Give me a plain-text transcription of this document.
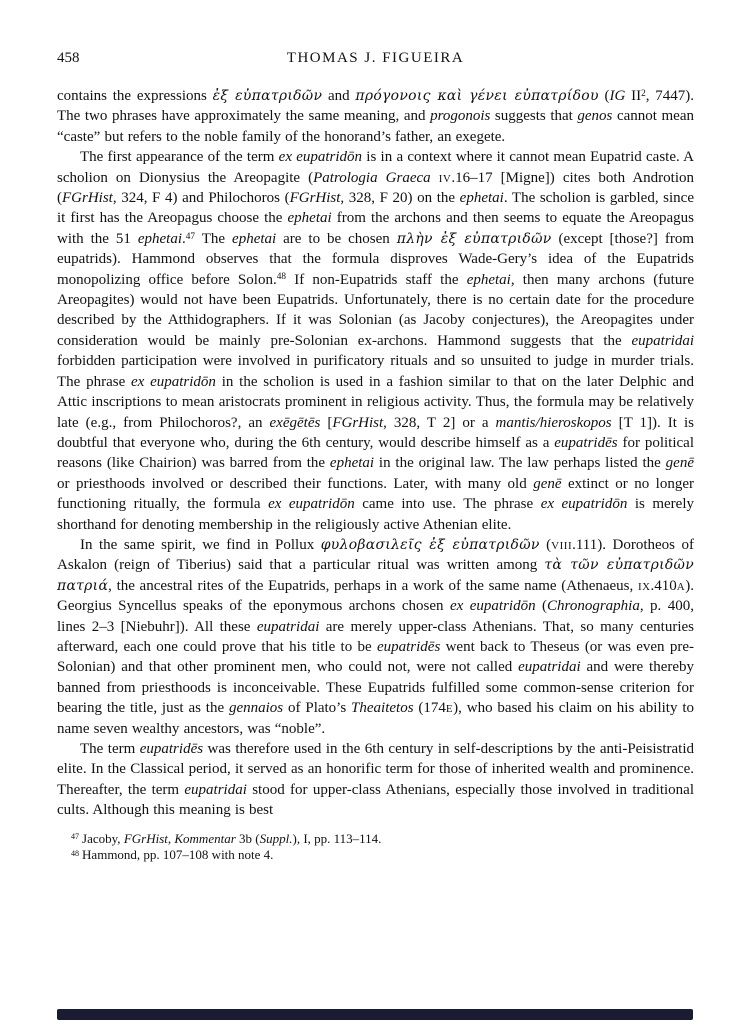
458	THOMAS J. FIGUEIRA

contains the expressions ἐξ εὐπατριδῶν and πρόγονοις καὶ γένει εὐπατρίδου (IG $II^2$, 7447). The two phrases have approximately the same meaning, and progonois suggests that genos cannot mean “caste” but refers to the noble family of the honorand’s father, an exegete.

The first appearance of the term ex eupatridōn is in a context where it cannot mean Eupatrid caste. A scholion on Dionysius the Areopagite (Patrologia Graeca iv.16–17 [Migne]) cites both Androtion (FGrHist, 324, F 4) and Philochoros (FGrHist, 328, F 20) on the ephetai. The scholion is garbled, since it first has the Areopagus choose the ephetai from the archons and then seems to equate the Areopagus with the 51 ephetai.$^{47}$ The ephetai are to be chosen πλὴν ἐξ εὐπατριδῶν (except [those?] from eupatrids). Hammond observes that the formula disproves Wade-Gery’s idea of the Eupatrids monopolizing office before Solon.$^{48}$ If non-Eupatrids staff the ephetai, then many archons (future Areopagites) would not have been Eupatrids. Unfortunately, there is no certain date for the procedure described by the Atthidographers. If it was Solonian (as Jacoby conjectures), the Areopagites under consideration would be mainly pre-Solonian ex-archons. Hammond suggests that the eupatridai forbidden participation were involved in purificatory rituals and so unsuited to judge in murder trials. The phrase ex eupatridōn in the scholion is used in a fashion similar to that on the later Delphic and Attic inscriptions to mean aristocrats prominent in religious activity. Thus, the formula may be relatively late (e.g., from Philochoros?, an exēgētēs [FGrHist, 328, T 2] or a mantis/hieroskopos [T 1]). It is doubtful that everyone who, during the 6th century, would describe himself as a eupatridēs for political reasons (like Chairion) was barred from the ephetai in the original law. The law perhaps listed the genē or priesthoods involved or described their functions. Later, with many old genē extinct or no longer functioning ritually, the formula ex eupatridōn came into use. The phrase ex eupatridōn is merely shorthand for denoting membership in the religiously active Athenian elite.

In the same spirit, we find in Pollux φυλοβασιλεῖς ἐξ εὐπατριδῶν (viii.111). Dorotheos of Askalon (reign of Tiberius) said that a particular ritual was written among τὰ τῶν εὐπατριδῶν πατριά, the ancestral rites of the Eupatrids, perhaps in a work of the same name (Athenaeus, ix.410a). Georgius Syncellus speaks of the eponymous archons chosen ex eupatridōn (Chronographia, p. 400, lines 2–3 [Niebuhr]). All these eupatridai are merely upper-class Athenians. That, so many centuries afterward, each one could prove that his title to be eupatridēs went back to Theseus (or was even pre-Solonian) and that other prominent men, who could not, were not called eupatridai and were thereby banned from priesthoods is inconceivable. These Eupatrids fulfilled some common-sense criterion for bearing the title, just as the gennaios of Plato’s Theaitetos (174e), who based his claim on his ability to name seven wealthy ancestors, was “noble”.

The term eupatridēs was therefore used in the 6th century in self-descriptions by the anti-Peisistratid elite. In the Classical period, it served as an honorific term for those of inherited wealth and prominence. Thereafter, the term eupatridai stood for upper-class Athenians, especially those involved in traditional cults. Although this meaning is best

$^{47}$ Jacoby, FGrHist, Kommentar 3b (Suppl.), I, pp. 113–114.

$^{48}$ Hammond, pp. 107–108 with note 4.
